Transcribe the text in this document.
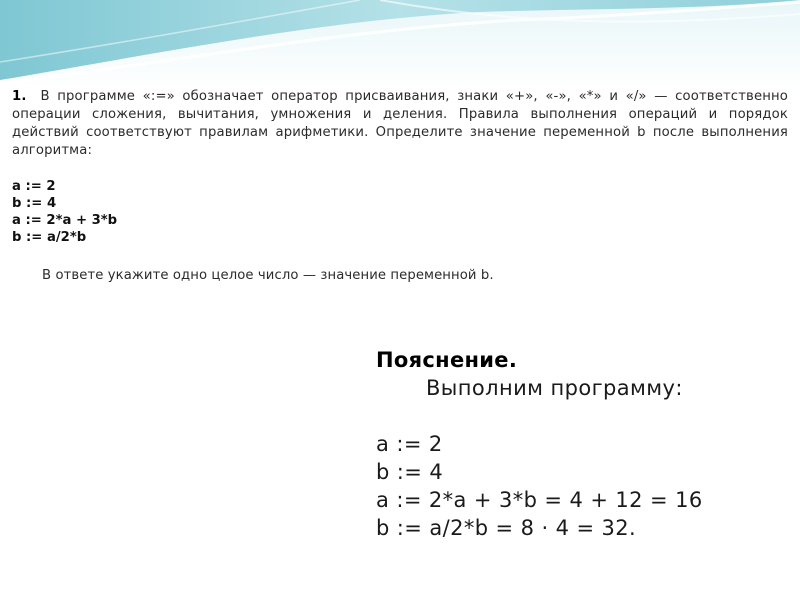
1. В программе «:=» обозначает оператор присваивания, знаки «+», «-», «*» и «/» — соответственно операции сложения, вычитания, умножения и деления. Правила выполнения операций и порядок действий соответствуют правилам арифметики. Определите значение переменной b после выполнения алгоритма:
a := 2
b := 4
a := 2*a + 3*b
b := a/2*b
В ответе укажите одно целое число — значение переменной b.
Пояснение.
Выполним программу:
a := 2
b := 4
a := 2*a + 3*b = 4 + 12 = 16
b := a/2*b = 8 · 4 = 32.
